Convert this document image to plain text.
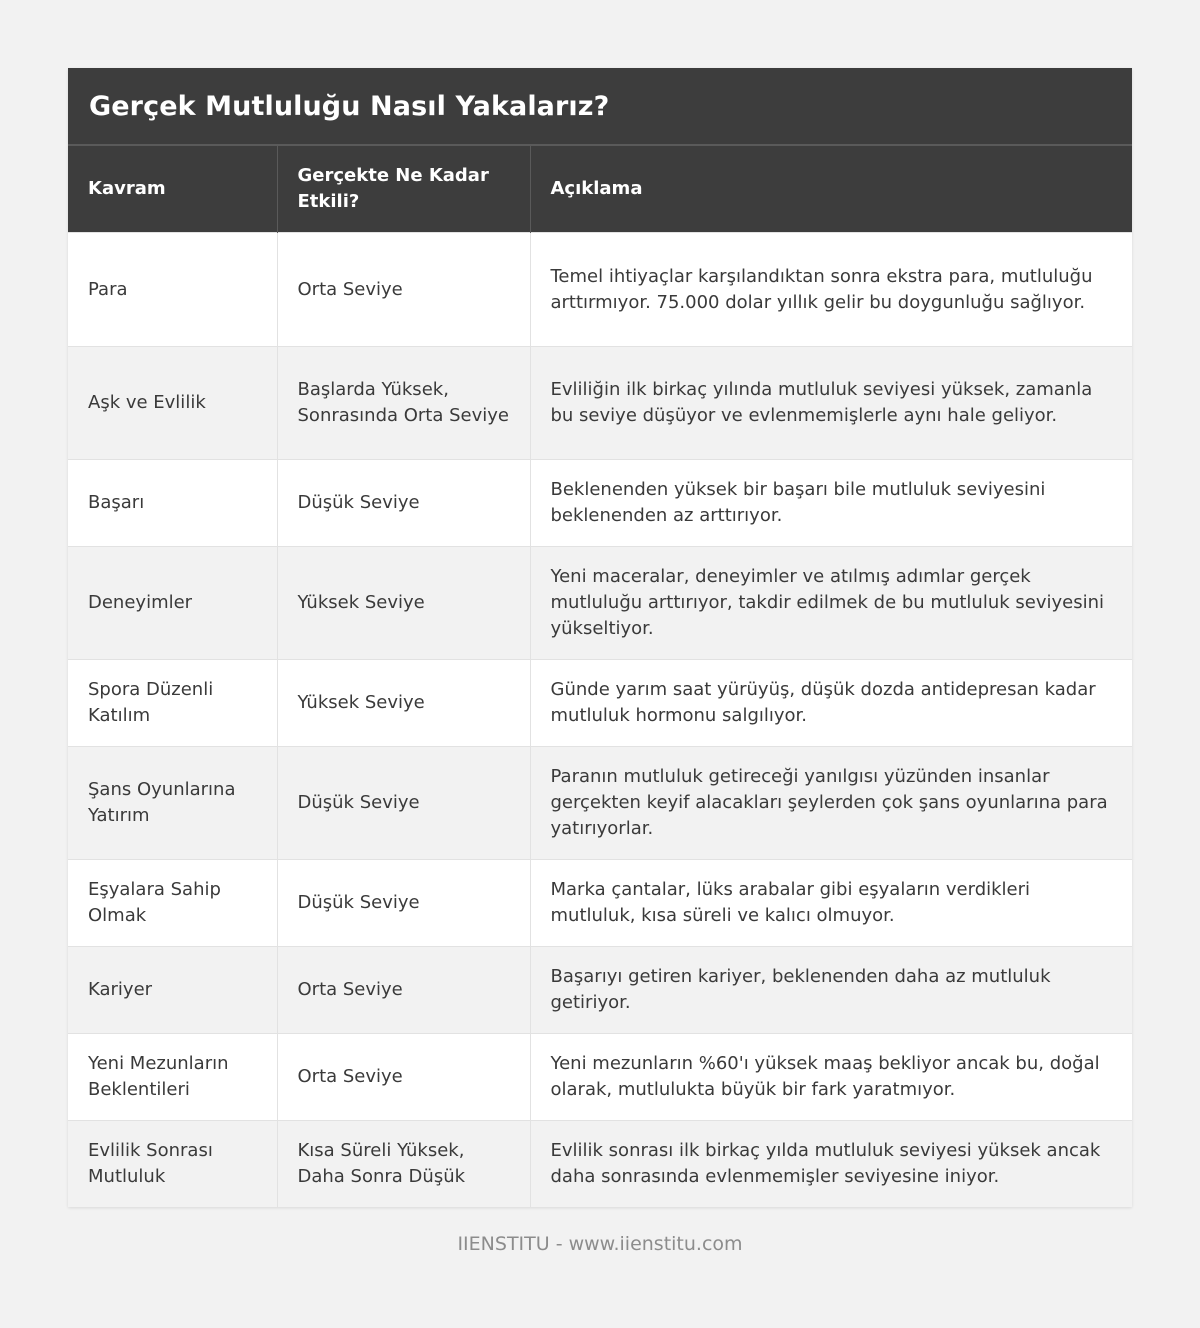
Gerçek Mutluluğu Nasıl Yakalarız?
Kavram	Gerçekte Ne Kadar Etkili?	Açıklama
Para	Orta Seviye	Temel ihtiyaçlar karşılandıktan sonra ekstra para, mutluluğu arttırmıyor. 75.000 dolar yıllık gelir bu doygunluğu sağlıyor.
Aşk ve Evlilik	Başlarda Yüksek, Sonrasında Orta Seviye	Evliliğin ilk birkaç yılında mutluluk seviyesi yüksek, zamanla bu seviye düşüyor ve evlenmemişlerle aynı hale geliyor.
Başarı	Düşük Seviye	Beklenenden yüksek bir başarı bile mutluluk seviyesini beklenenden az arttırıyor.
Deneyimler	Yüksek Seviye	Yeni maceralar, deneyimler ve atılmış adımlar gerçek mutluluğu arttırıyor, takdir edilmek de bu mutluluk seviyesini yükseltiyor.
Spora Düzenli Katılım	Yüksek Seviye	Günde yarım saat yürüyüş, düşük dozda antidepresan kadar mutluluk hormonu salgılıyor.
Şans Oyunlarına Yatırım	Düşük Seviye	Paranın mutluluk getireceği yanılgısı yüzünden insanlar gerçekten keyif alacakları şeylerden çok şans oyunlarına para yatırıyorlar.
Eşyalara Sahip Olmak	Düşük Seviye	Marka çantalar, lüks arabalar gibi eşyaların verdikleri mutluluk, kısa süreli ve kalıcı olmuyor.
Kariyer	Orta Seviye	Başarıyı getiren kariyer, beklenenden daha az mutluluk getiriyor.
Yeni Mezunların Beklentileri	Orta Seviye	Yeni mezunların %60'ı yüksek maaş bekliyor ancak bu, doğal olarak, mutlulukta büyük bir fark yaratmıyor.
Evlilik Sonrası Mutluluk	Kısa Süreli Yüksek, Daha Sonra Düşük	Evlilik sonrası ilk birkaç yılda mutluluk seviyesi yüksek ancak daha sonrasında evlenmemişler seviyesine iniyor.
IIENSTITU - www.iienstitu.com
